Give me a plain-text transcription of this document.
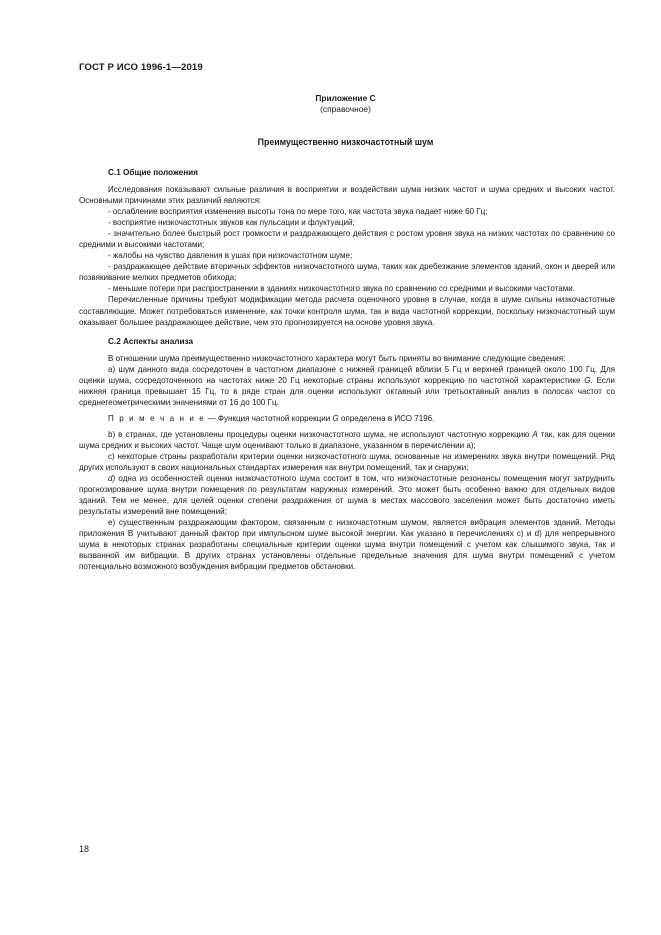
ГОСТ Р ИСО 1996-1—2019
Приложение С
(справочное)
Преимущественно низкочастотный шум
С.1 Общие положения

Исследования показывают сильные различия в восприятии и воздействии шума низких частот и шума средних и высоких частот. Основными причинами этих различий являются:

- ослабление восприятия изменения высоты тона по мере того, как частота звука падает ниже 60 Гц;

- восприятие низкочастотных звуков как пульсации и флуктуаций;

- значительно более быстрый рост громкости и раздражающего действия с ростом уровня звука на низких частотах по сравнению со средними и высокими частотами;

- жалобы на чувство давления в ушах при низкочастотном шуме;

- раздражающее действие вторичных эффектов низкочастотного шума, таких как дребезжание элементов зданий, окон и дверей или позвякивание мелких предметов обихода;

- меньшие потери при распространении в зданиях низкочастотного звука по сравнению со средними и высокими частотами.

Перечисленные причины требуют модификации метода расчета оценочного уровня в случае, когда в шуме сильны низкочастотные составляющие. Может потребоваться изменение, как точки контроля шума, так и вида частотной коррекции, поскольку низкочастотный шум оказывает большее раздражающее действие, чем это прогнозируется на основе уровня звука.

С.2 Аспекты анализа

В отношении шума преимущественно низкочастотного характера могут быть приняты во внимание следующие сведения:

а) шум данного вида сосредоточен в частотном диапазоне с нижней границей вблизи 5 Гц и верхней границей около 100 Гц. Для оценки шума, сосредоточенного на частотах ниже 20 Гц некоторые страны используют коррекцию по частотной характеристике G. Если нижняя граница превышает 15 Гц, то в ряде стран для оценки используют октавный или третьоктавный анализ в полосах частот со среднегеометрическими значениями от 16 до 100 Гц.

П р и м е ч а н и е — Функция частотной коррекции G определена в ИСО 7196.

b) в странах, где установлены процедуры оценки низкочастотного шума, не используют частотную коррекцию А так, как для оценки шума средних и высоких частот. Чаще шум оценивают только в диапазоне, указанном в перечислении а);

с) некоторые страны разработали критерии оценки низкочастотного шума, основанные на измерениях звука внутри помещений. Ряд других используют в своих национальных стандартах измерения как внутри помещений, так и снаружи;

d) одна из особенностей оценки низкочастотного шума состоит в том, что низкочастотные резонансы помещения могут затруднить прогнозирование шума внутри помещения по результатам наружных измерений. Это может быть особенно важно для отдельных видов зданий. Тем не менее, для целей оценки степени раздражения от шума в местах массового заселения может быть достаточно иметь результаты измерений вне помещений;

е) существенным раздражающим фактором, связанным с низкочастотным шумом, является вибрация элементов зданий. Методы приложения В учитывают данный фактор при импульсном шуме высокой энергии. Как указано в перечислениях с) и d) для непрерывного шума в некоторых странах разработаны специальные критерии оценки шума внутри помещений с учетом как слышимого звука, так и вызванной им вибрации. В других странах установлены отдельные предельные значения для шума внутри помещений с учетом потенциально возможного возбуждения вибрации предметов обстановки.

18
